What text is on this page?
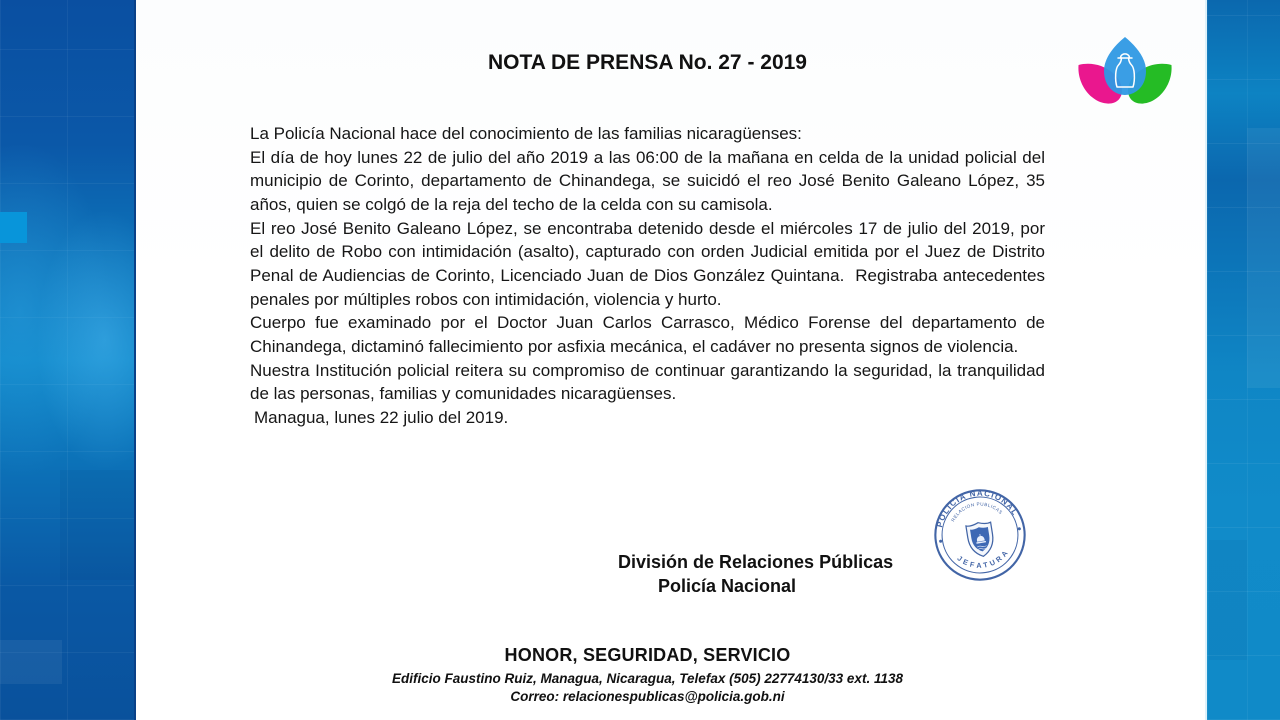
NOTA DE PRENSA No. 27 - 2019

La Policía Nacional hace del conocimiento de las familias nicaragüenses:

El día de hoy lunes 22 de julio del año 2019 a las 06:00 de la mañana en celda de la unidad policial del municipio de Corinto, departamento de Chinandega, se suicidó el reo José Benito Galeano López, 35 años, quien se colgó de la reja del techo de la celda con su camisola.

El reo José Benito Galeano López, se encontraba detenido desde el miércoles 17 de julio del 2019, por el delito de Robo con intimidación (asalto), capturado con orden Judicial emitida por el Juez de Distrito Penal de Audiencias de Corinto, Licenciado Juan de Dios González Quintana.  Registraba antecedentes penales por múltiples robos con intimidación, violencia y hurto.

Cuerpo fue examinado por el Doctor Juan Carlos Carrasco, Médico Forense del departamento de Chinandega, dictaminó fallecimiento por asfixia mecánica, el cadáver no presenta signos de violencia.

Nuestra Institución policial reitera su compromiso de continuar garantizando la seguridad, la tranquilidad de las personas, familias y comunidades nicaragüenses.

Managua, lunes 22 julio del 2019.

División de Relaciones Públicas
Policía Nacional
POLICIA NACIONAL
RELACION PUBLICAS
JEFATURA
HONOR, SEGURIDAD, SERVICIO
Edificio Faustino Ruiz, Managua, Nicaragua, Telefax (505) 22774130/33 ext. 1138
Correo: relacionespublicas@policia.gob.ni
